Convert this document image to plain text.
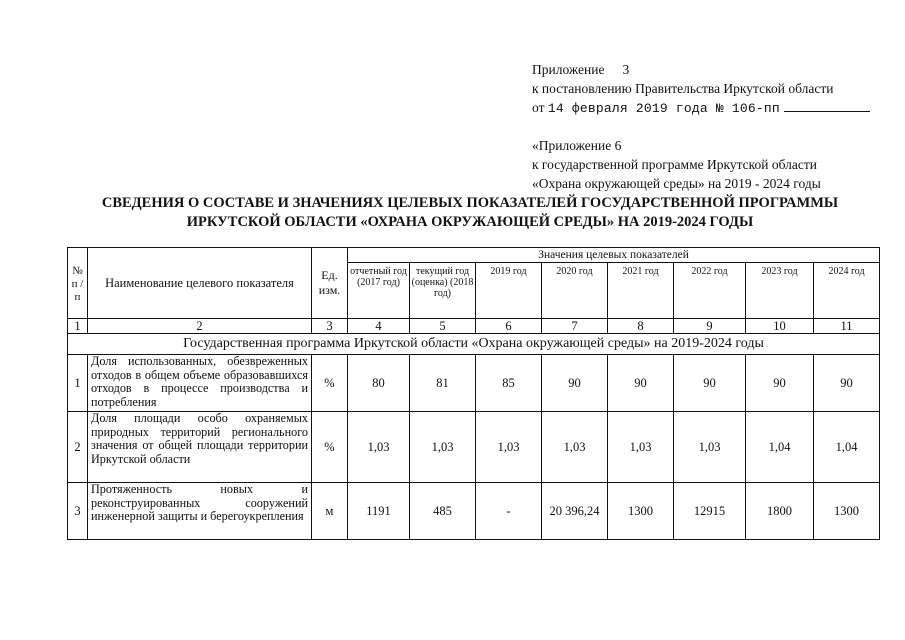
Приложение 3
к постановлению Правительства Иркутской области
от 14 февраля 2019 года № 106-пп
«Приложение 6
к государственной программе Иркутской области
«Охрана окружающей среды» на 2019 - 2024 годы
СВЕДЕНИЯ О СОСТАВЕ И ЗНАЧЕНИЯХ ЦЕЛЕВЫХ ПОКАЗАТЕЛЕЙ ГОСУДАРСТВЕННОЙ ПРОГРАММЫ
ИРКУТСКОЙ ОБЛАСТИ «ОХРАНА ОКРУЖАЮЩЕЙ СРЕДЫ» НА 2019-2024 ГОДЫ
№ п / п	Наименование целевого показателя	Ед. изм.	Значения целевых показателей							
			отчетный год (2017 год)	текущий год (оценка) (2018 год)	2019 год	2020 год	2021 год	2022 год	2023 год	2024 год
1	2	3	4	5	6	7	8	9	10	11
Государственная программа Иркутской области «Охрана окружающей среды» на 2019-2024 годы										
1	Доля использованных, обезвреженных отходов в общем объеме образовавшихся отходов в процессе производства и потребления	%	80	81	85	90	90	90	90	90
2	Доля площади особо охраняемых природных территорий регионального значения от общей площади территории Иркутской области	%	1,03	1,03	1,03	1,03	1,03	1,03	1,04	1,04
3	Протяженность новых и реконструированных сооружений инженерной защиты и берегоукрепления	м	1191	485	-	20 396,24	1300	12915	1800	1300
